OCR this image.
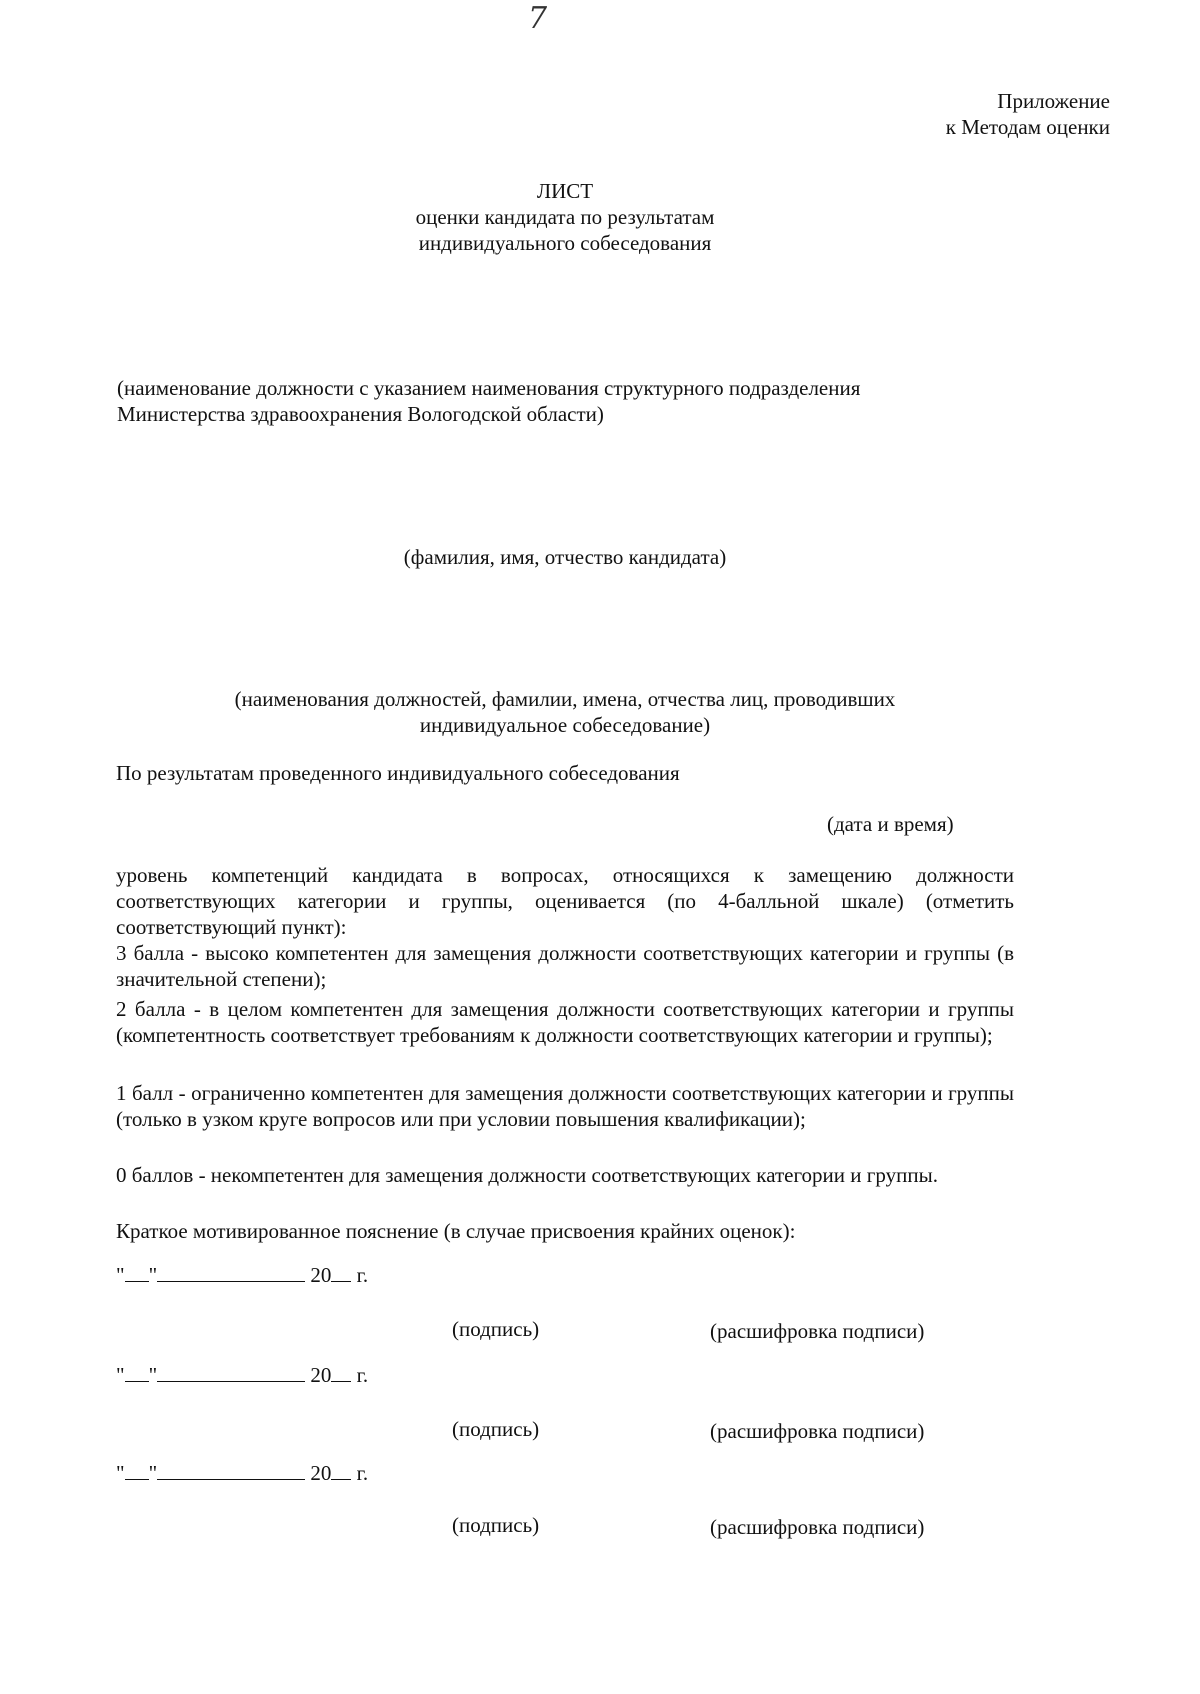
7
Приложение
к Методам оценки
ЛИСТ
оценки кандидата по результатам
индивидуального собеседования
(наименование должности с указанием наименования структурного подразделения
Министерства здравоохранения Вологодской области)
(фамилия, имя, отчество кандидата)
(наименования должностей, фамилии, имена, отчества лиц, проводивших
индивидуальное собеседование)
По результатам проведенного индивидуального собеседования
(дата и время)
уровень компетенций кандидата в вопросах, относящихся к замещению должности соответствующих категории и группы, оценивается (по 4-балльной шкале) (отметить соответствующий пункт):
3 балла - высоко компетентен для замещения должности соответствующих категории и группы (в значительной степени);
2 балла - в целом компетентен для замещения должности соответствующих категории и группы (компетентность соответствует требованиям к должности соответствующих категории и группы);
1 балл - ограниченно компетентен для замещения должности соответствующих категории и группы (только в узком круге вопросов или при условии повышения квалификации);
0 баллов - некомпетентен для замещения должности соответствующих категории и группы.
Краткое мотивированное пояснение (в случае присвоения крайних оценок):
" "	20 г.
(подпись)	(расшифровка подписи)
" "	20 г.
(подпись)	(расшифровка подписи)
" "	20 г.
(подпись)	(расшифровка подписи)
